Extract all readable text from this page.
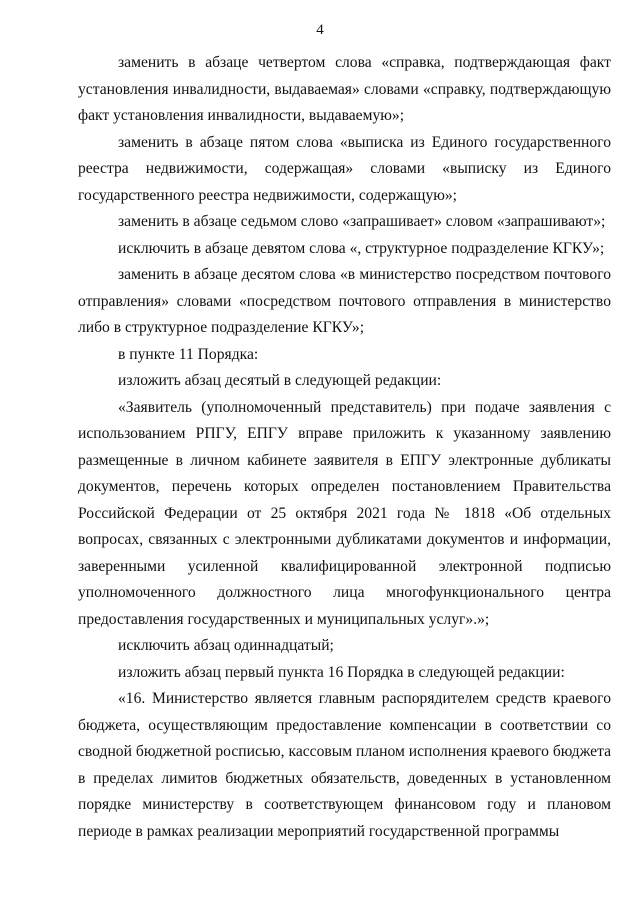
4

заменить в абзаце четвертом слова «справка, подтверждающая факт установления инвалидности, выдаваемая» словами «справку, подтверждающую факт установления инвалидности, выдаваемую»;

заменить в абзаце пятом слова «выписка из Единого государственного реестра недвижимости, содержащая» словами «выписку из Единого государственного реестра недвижимости, содержащую»;

заменить в абзаце седьмом слово «запрашивает» словом «запрашивают»;

исключить в абзаце девятом слова «, структурное подразделение КГКУ»;

заменить в абзаце десятом слова «в министерство посредством почтового отправления» словами «посредством почтового отправления в министерство либо в структурное подразделение КГКУ»;

в пункте 11 Порядка:

изложить абзац десятый в следующей редакции:

«Заявитель (уполномоченный представитель) при подаче заявления с использованием РПГУ, ЕПГУ вправе приложить к указанному заявлению размещенные в личном кабинете заявителя в ЕПГУ электронные дубликаты документов, перечень которых определен постановлением Правительства Российской Федерации от 25 октября 2021 года № 1818 «Об отдельных вопросах, связанных с электронными дубликатами документов и информации, заверенными усиленной квалифицированной электронной подписью уполномоченного должностного лица многофункционального центра предоставления государственных и муниципальных услуг».»;

исключить абзац одиннадцатый;

изложить абзац первый пункта 16 Порядка в следующей редакции:

«16. Министерство является главным распорядителем средств краевого бюджета, осуществляющим предоставление компенсации в соответствии со сводной бюджетной росписью, кассовым планом исполнения краевого бюджета в пределах лимитов бюджетных обязательств, доведенных в установленном порядке министерству в соответствующем финансовом году и плановом периоде в рамках реализации мероприятий государственной программы
